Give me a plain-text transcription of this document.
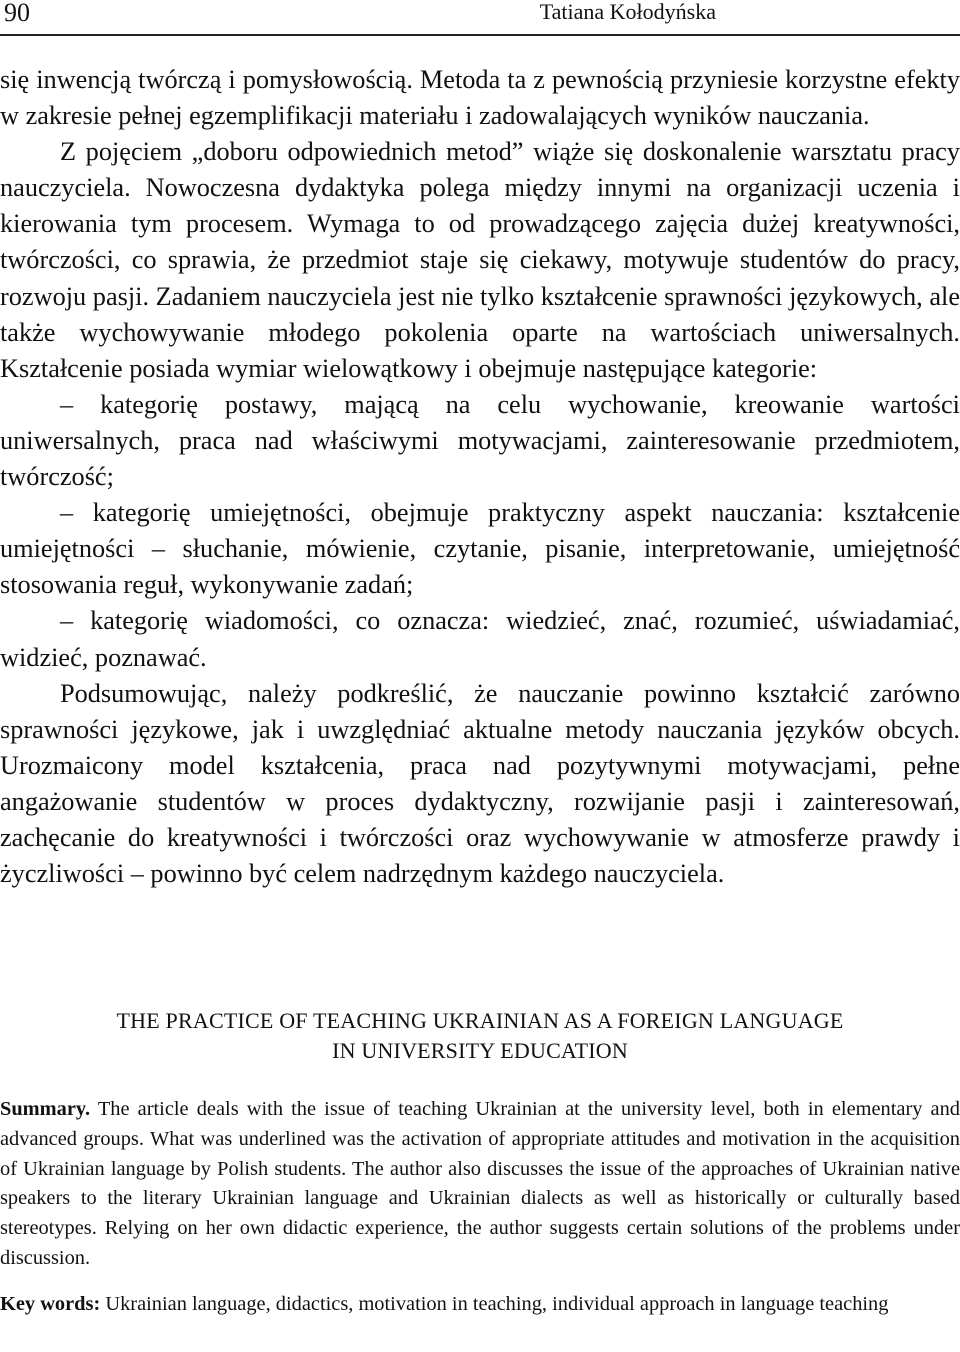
90	Tatiana Kołodyńska

się inwencją twórczą i pomysłowością. Metoda ta z pewnością przyniesie korzystne efekty w zakresie pełnej egzemplifikacji materiału i zadowalających wyników nauczania.

Z pojęciem „doboru odpowiednich metod” wiąże się doskonalenie warsztatu pracy nauczyciela. Nowoczesna dydaktyka polega między innymi na organizacji uczenia i kierowania tym procesem. Wymaga to od prowadzącego zajęcia dużej kreatywności, twórczości, co sprawia, że przedmiot staje się ciekawy, motywuje studentów do pracy, rozwoju pasji. Zadaniem nauczyciela jest nie tylko kształcenie sprawności językowych, ale także wychowywanie młodego pokolenia oparte na wartościach uniwersalnych. Kształcenie posiada wymiar wielowątkowy i obejmuje następujące kategorie:

– kategorię postawy, mającą na celu wychowanie, kreowanie wartości uniwersalnych, praca nad właściwymi motywacjami, zainteresowanie przedmiotem, twórczość;

– kategorię umiejętności, obejmuje praktyczny aspekt nauczania: kształcenie umiejętności – słuchanie, mówienie, czytanie, pisanie, interpretowanie, umiejętność stosowania reguł, wykonywanie zadań;

– kategorię wiadomości, co oznacza: wiedzieć, znać, rozumieć, uświadamiać, widzieć, poznawać.

Podsumowując, należy podkreślić, że nauczanie powinno kształcić zarówno sprawności językowe, jak i uwzględniać aktualne metody nauczania języków obcych. Urozmaicony model kształcenia, praca nad pozytywnymi motywacjami, pełne angażowanie studentów w proces dydaktyczny, rozwijanie pasji i zainteresowań, zachęcanie do kreatywności i twórczości oraz wychowywanie w atmosferze prawdy i życzliwości – powinno być celem nadrzędnym każdego nauczyciela.

THE PRACTICE OF TEACHING UKRAINIAN AS A FOREIGN LANGUAGE
IN UNIVERSITY EDUCATION

Summary. The article deals with the issue of teaching Ukrainian at the university level, both in elementary and advanced groups. What was underlined was the activation of appropriate attitudes and motivation in the acquisition of Ukrainian language by Polish students. The author also discusses the issue of the approaches of Ukrainian native speakers to the literary Ukrainian language and Ukrainian dialects as well as historically or culturally based stereotypes. Relying on her own didactic experience, the author suggests certain solutions of the problems under discussion.

Key words: Ukrainian language, didactics, motivation in teaching, individual approach in language teaching
